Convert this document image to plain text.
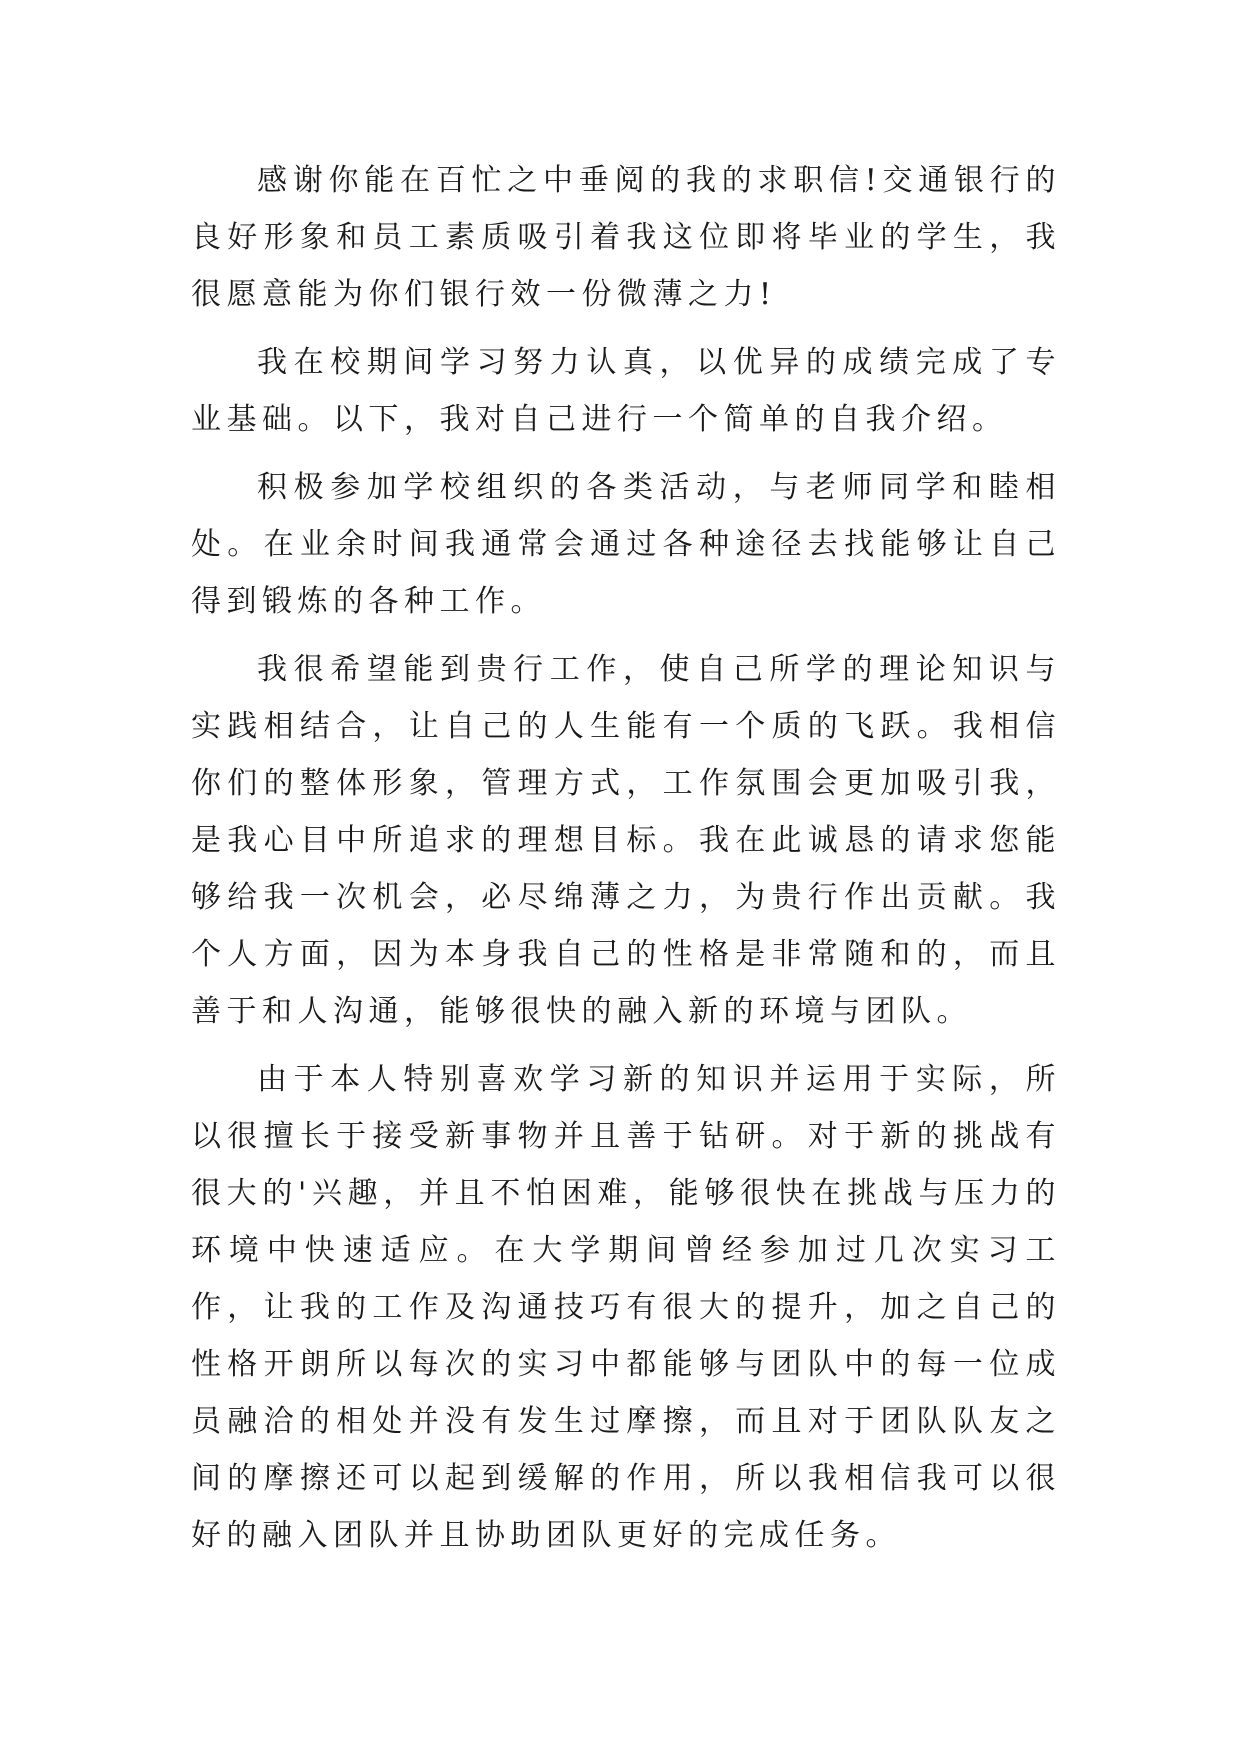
感谢你能在百忙之中垂阅的我的求职信!交通银行的良好形象和员工素质吸引着我这位即将毕业的学生，我很愿意能为你们银行效一份微薄之力!

我在校期间学习努力认真，以优异的成绩完成了专业基础。以下，我对自己进行一个简单的自我介绍。

积极参加学校组织的各类活动，与老师同学和睦相处。在业余时间我通常会通过各种途径去找能够让自己得到锻炼的各种工作。

我很希望能到贵行工作，使自己所学的理论知识与实践相结合，让自己的人生能有一个质的飞跃。我相信你们的整体形象，管理方式，工作氛围会更加吸引我，是我心目中所追求的理想目标。我在此诚恳的请求您能够给我一次机会，必尽绵薄之力，为贵行作出贡献。我个人方面，因为本身我自己的性格是非常随和的，而且善于和人沟通，能够很快的融入新的环境与团队。

由于本人特别喜欢学习新的知识并运用于实际，所以很擅长于接受新事物并且善于钻研。对于新的挑战有很大的'兴趣，并且不怕困难，能够很快在挑战与压力的环境中快速适应。在大学期间曾经参加过几次实习工作，让我的工作及沟通技巧有很大的提升，加之自己的性格开朗所以每次的实习中都能够与团队中的每一位成员融洽的相处并没有发生过摩擦，而且对于团队队友之间的摩擦还可以起到缓解的作用，所以我相信我可以很好的融入团队并且协助团队更好的完成任务。
